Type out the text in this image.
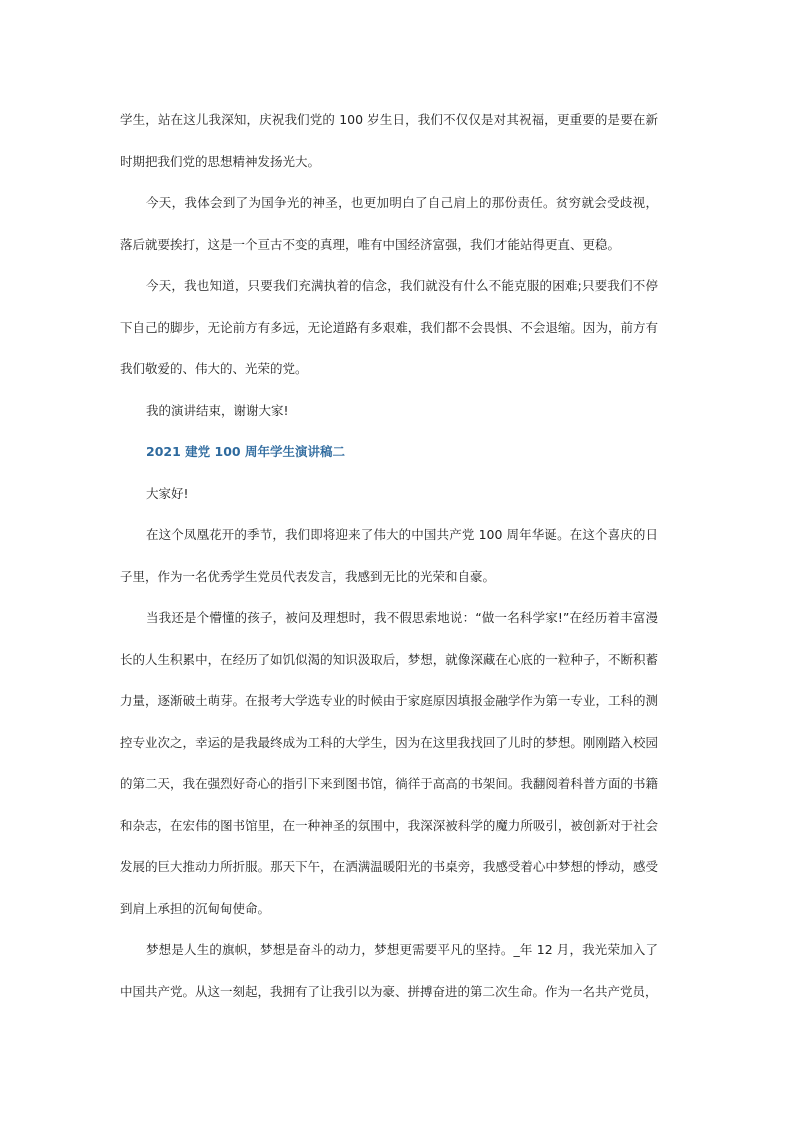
学生，站在这儿我深知，庆祝我们党的 100 岁生日，我们不仅仅是对其祝福，更重要的是要在新时期把我们党的思想精神发扬光大。

今天，我体会到了为国争光的神圣，也更加明白了自己肩上的那份责任。贫穷就会受歧视，落后就要挨打，这是一个亘古不变的真理，唯有中国经济富强，我们才能站得更直、更稳。

今天，我也知道，只要我们充满执着的信念，我们就没有什么不能克服的困难;只要我们不停下自己的脚步，无论前方有多远，无论道路有多艰难，我们都不会畏惧、不会退缩。因为，前方有我们敬爱的、伟大的、光荣的党。

我的演讲结束，谢谢大家!

2021 建党 100 周年学生演讲稿二

大家好!

在这个凤凰花开的季节，我们即将迎来了伟大的中国共产党 100 周年华诞。在这个喜庆的日子里，作为一名优秀学生党员代表发言，我感到无比的光荣和自豪。

当我还是个懵懂的孩子，被问及理想时，我不假思索地说：“做一名科学家!”在经历着丰富漫长的人生积累中，在经历了如饥似渴的知识汲取后，梦想，就像深藏在心底的一粒种子，不断积蓄力量，逐渐破土萌芽。在报考大学选专业的时候由于家庭原因填报金融学作为第一专业，工科的测控专业次之，幸运的是我最终成为工科的大学生，因为在这里我找回了儿时的梦想。刚刚踏入校园的第二天，我在强烈好奇心的指引下来到图书馆，徜徉于高高的书架间。我翻阅着科普方面的书籍和杂志，在宏伟的图书馆里，在一种神圣的氛围中，我深深被科学的魔力所吸引，被创新对于社会发展的巨大推动力所折服。那天下午，在洒满温暖阳光的书桌旁，我感受着心中梦想的悸动，感受到肩上承担的沉甸甸使命。

梦想是人生的旗帜，梦想是奋斗的动力，梦想更需要平凡的坚持。_年 12 月，我光荣加入了中国共产党。从这一刻起，我拥有了让我引以为豪、拼搏奋进的第二次生命。作为一名共产党员，
